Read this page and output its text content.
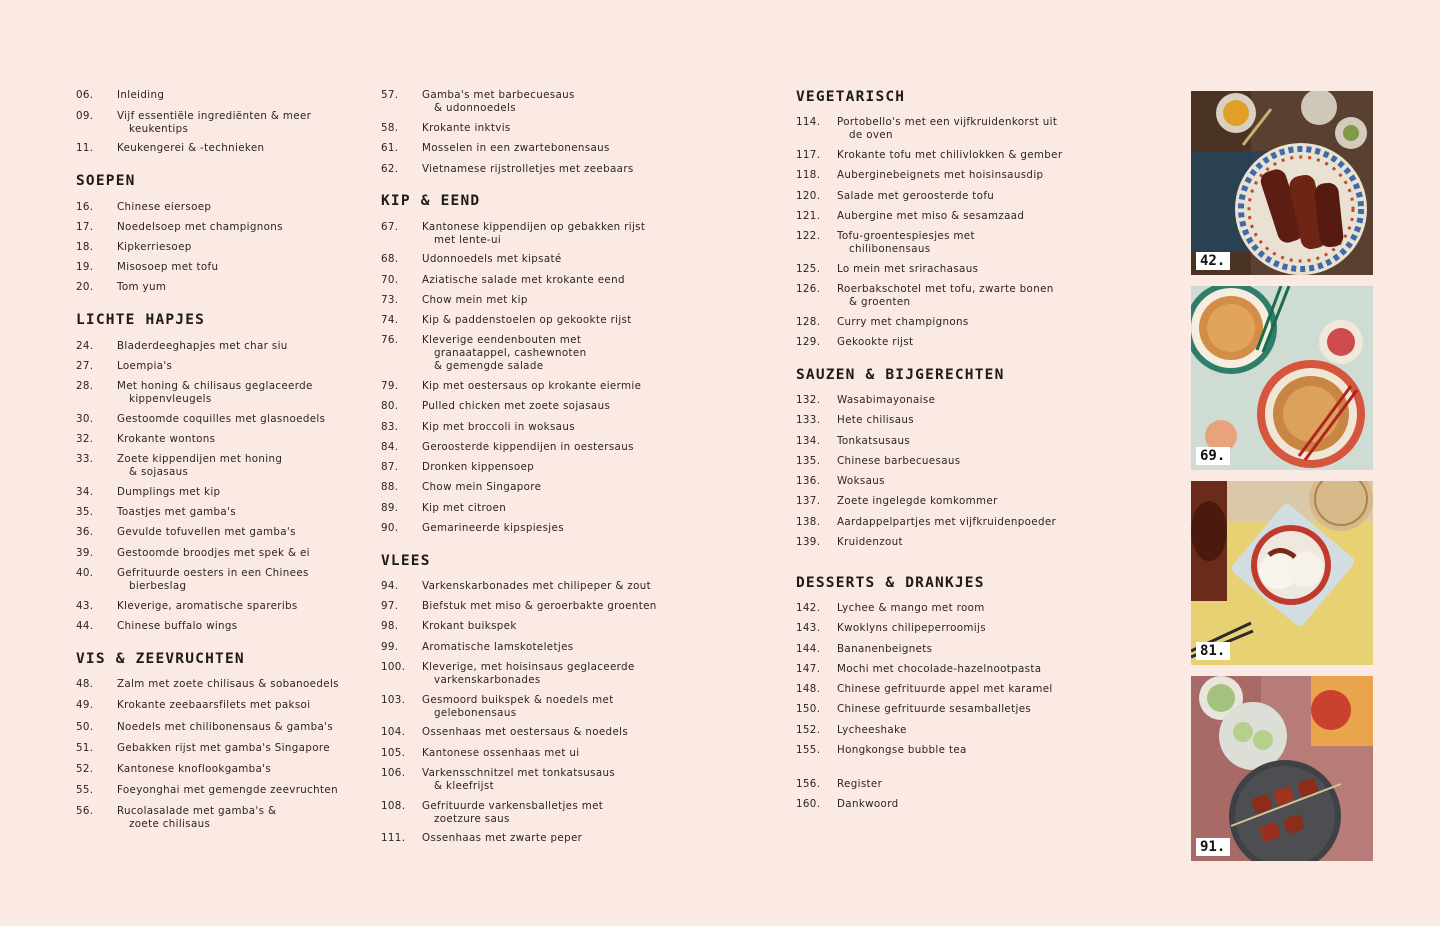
06.	Inleiding
09.	Vijf essentiële ingrediënten & meer
keukentips
11.	Keukengerei & -technieken
SOEPEN
16.	Chinese eiersoep
17.	Noedelsoep met champignons
18.	Kipkerriesoep
19.	Misosoep met tofu
20.	Tom yum
LICHTE HAPJES
24.	Bladerdeeghapjes met char siu
27.	Loempia's
28.	Met honing & chilisaus geglaceerde
kippenvleugels
30.	Gestoomde coquilles met glasnoedels
32.	Krokante wontons
33.	Zoete kippendijen met honing
& sojasaus
34.	Dumplings met kip
35.	Toastjes met gamba's
36.	Gevulde tofuvellen met gamba's
39.	Gestoomde broodjes met spek & ei
40.	Gefrituurde oesters in een Chinees
bierbeslag
43.	Kleverige, aromatische spareribs
44.	Chinese buffalo wings
VIS & ZEEVRUCHTEN
48.	Zalm met zoete chilisaus & sobanoedels
49.	Krokante zeebaarsfilets met paksoi
50.	Noedels met chilibonensaus & gamba's
51.	Gebakken rijst met gamba's Singapore
52.	Kantonese knoflookgamba's
55.	Foeyonghai met gemengde zeevruchten
56.	Rucolasalade met gamba's &
zoete chilisaus
57.	Gamba's met barbecuesaus
& udonnoedels
58.	Krokante inktvis
61.	Mosselen in een zwartebonensaus
62.	Vietnamese rijstrolletjes met zeebaars
KIP & EEND
67.	Kantonese kippendijen op gebakken rijst
met lente-ui
68.	Udonnoedels met kipsaté
70.	Aziatische salade met krokante eend
73.	Chow mein met kip
74.	Kip & paddenstoelen op gekookte rijst
76.	Kleverige eendenbouten met
granaatappel, cashewnoten
& gemengde salade
79.	Kip met oestersaus op krokante eiermie
80.	Pulled chicken met zoete sojasaus
83.	Kip met broccoli in woksaus
84.	Geroosterde kippendijen in oestersaus
87.	Dronken kippensoep
88.	Chow mein Singapore
89.	Kip met citroen
90.	Gemarineerde kipspiesjes
VLEES
94.	Varkenskarbonades met chilipeper & zout
97.	Biefstuk met miso & geroerbakte groenten
98.	Krokant buikspek
99.	Aromatische lamskoteletjes
100.	Kleverige, met hoisinsaus geglaceerde
varkenskarbonades
103.	Gesmoord buikspek & noedels met
gelebonensaus
104.	Ossenhaas met oestersaus & noedels
105.	Kantonese ossenhaas met ui
106.	Varkensschnitzel met tonkatsusaus
& kleefrijst
108.	Gefrituurde varkensballetjes met
zoetzure saus
111.	Ossenhaas met zwarte peper
VEGETARISCH
114.	Portobello's met een vijfkruidenkorst uit
de oven
117.	Krokante tofu met chilivlokken & gember
118.	Auberginebeignets met hoisinsausdip
120.	Salade met geroosterde tofu
121.	Aubergine met miso & sesamzaad
122.	Tofu-groentespiesjes met
chilibonensaus
125.	Lo mein met srirachasaus
126.	Roerbakschotel met tofu, zwarte bonen
& groenten
128.	Curry met champignons
129.	Gekookte rijst
SAUZEN & BIJGERECHTEN
132.	Wasabimayonaise
133.	Hete chilisaus
134.	Tonkatsusaus
135.	Chinese barbecuesaus
136.	Woksaus
137.	Zoete ingelegde komkommer
138.	Aardappelpartjes met vijfkruidenpoeder
139.	Kruidenzout
DESSERTS & DRANKJES
142.	Lychee & mango met room
143.	Kwoklyns chilipeperroomijs
144.	Bananenbeignets
147.	Mochi met chocolade-hazelnootpasta
148.	Chinese gefrituurde appel met karamel
150.	Chinese gefrituurde sesamballetjes
152.	Lycheeshake
155.	Hongkongse bubble tea
156.	Register
160.	Dankwoord
42.
69.
81.
91.
